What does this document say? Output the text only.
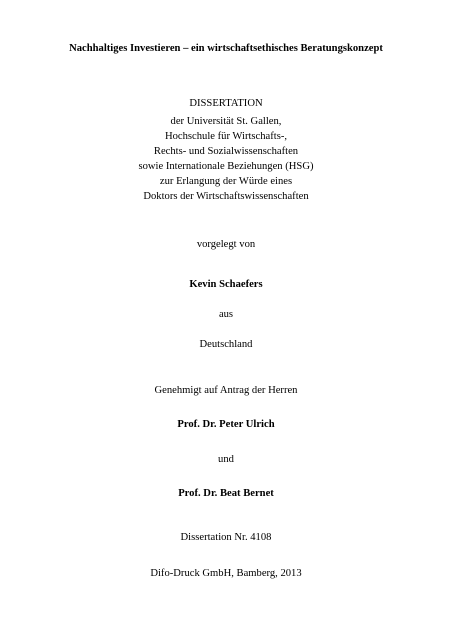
Nachhaltiges Investieren – ein wirtschaftsethisches Beratungskonzept
DISSERTATION
der Universität St. Gallen,
Hochschule für Wirtschafts-,
Rechts- und Sozialwissenschaften
sowie Internationale Beziehungen (HSG)
zur Erlangung der Würde eines
Doktors der Wirtschaftswissenschaften
vorgelegt von
Kevin Schaefers
aus
Deutschland
Genehmigt auf Antrag der Herren
Prof. Dr. Peter Ulrich
und
Prof. Dr. Beat Bernet
Dissertation Nr. 4108
Difo-Druck GmbH, Bamberg, 2013
